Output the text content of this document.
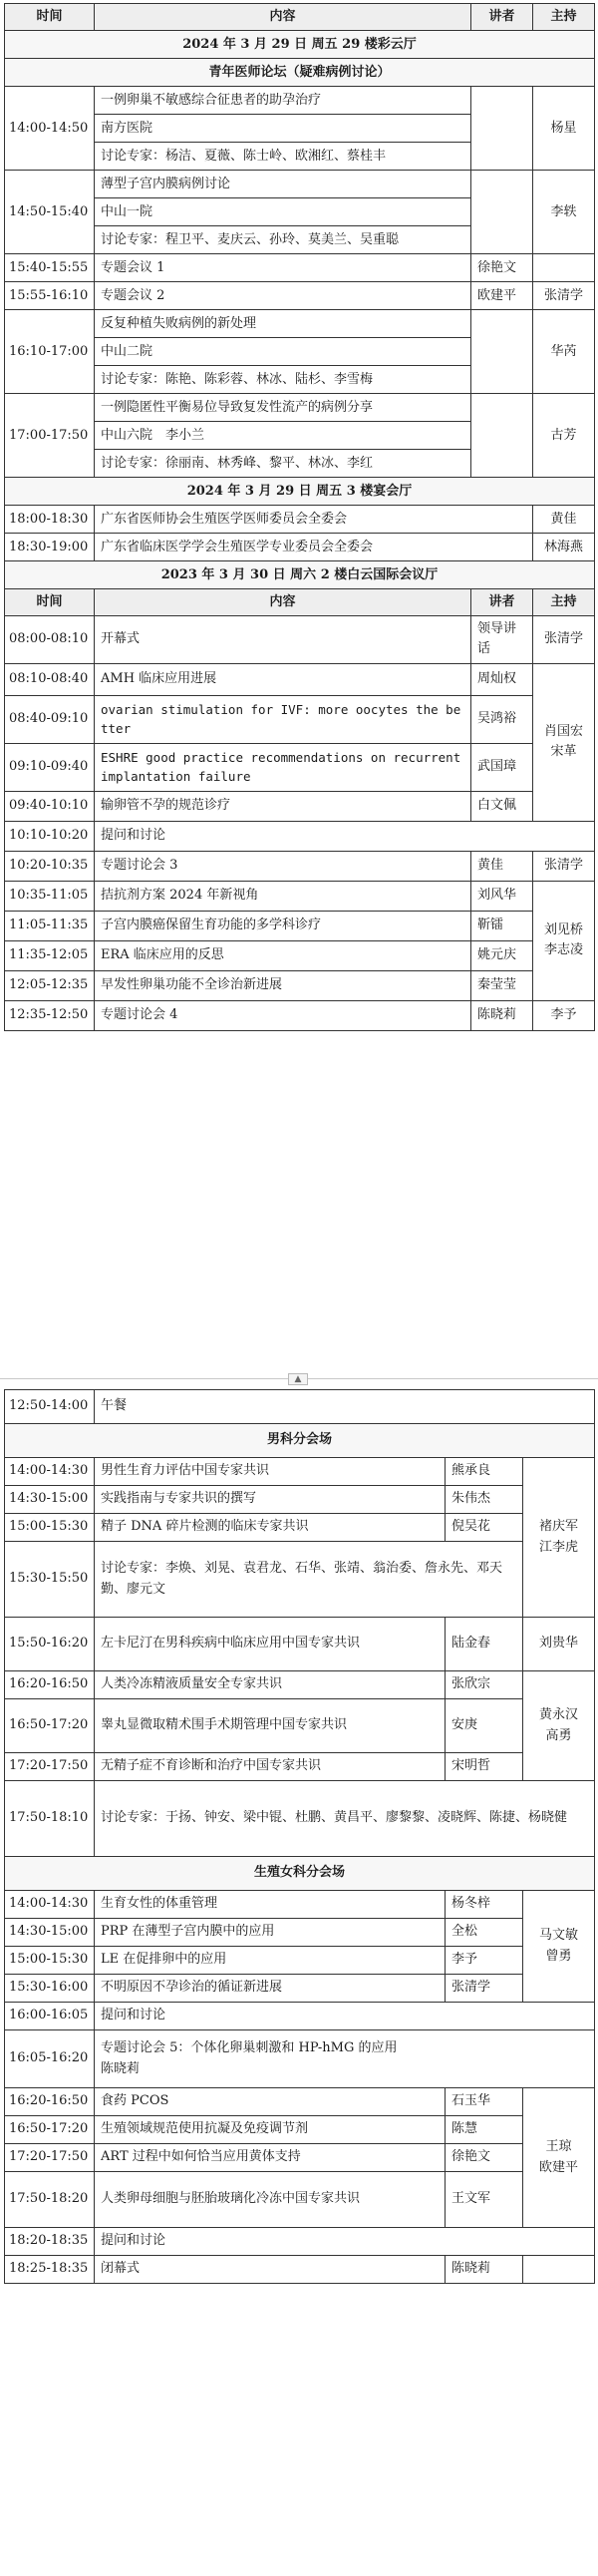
时间	内容	讲者	主持
2024 年 3 月 29 日 周五 29 楼彩云厅			
青年医师论坛（疑难病例讨论）			
14:00-14:50	一例卵巢不敏感综合征患者的助孕治疗		杨星
	南方医院		
	讨论专家：杨洁、夏薇、陈士岭、欧湘红、蔡桂丰		
14:50-15:40	薄型子宫内膜病例讨论		李轶
	中山一院		
	讨论专家：程卫平、麦庆云、孙玲、莫美兰、吴重聪		
15:40-15:55	专题会议 1	徐艳文	
15:55-16:10	专题会议 2	欧建平	张清学
16:10-17:00	反复种植失败病例的新处理		华芮
	中山二院		
	讨论专家：陈艳、陈彩蓉、林冰、陆杉、李雪梅		
17:00-17:50	一例隐匿性平衡易位导致复发性流产的病例分享		古芳
	中山六院　李小兰		
	讨论专家：徐丽南、林秀峰、黎平、林冰、李红		
2024 年 3 月 29 日 周五 3 楼宴会厅			
18:00-18:30	广东省医师协会生殖医学医师委员会全委会		黄佳
18:30-19:00	广东省临床医学学会生殖医学专业委员会全委会		林海燕
2023 年 3 月 30 日 周六 2 楼白云国际会议厅			
时间	内容	讲者	主持
08:00-08:10	开幕式	领导讲话	张清学
08:10-08:40	AMH 临床应用进展	周灿权	肖国宏
宋革
08:40-09:10	ovarian stimulation for IVF: more oocytes the better	吴鸿裕	
09:10-09:40	ESHRE good practice recommendations on recurrent implantation failure	武国璋	
09:40-10:10	输卵管不孕的规范诊疗	白文佩	
10:10-10:20	提问和讨论		
10:20-10:35	专题讨论会 3	黄佳	张清学
10:35-11:05	拮抗剂方案 2024 年新视角	刘风华	刘见桥
李志凌
11:05-11:35	子宫内膜癌保留生育功能的多学科诊疗	靳镭	
11:35-12:05	ERA 临床应用的反思	姚元庆	
12:05-12:35	早发性卵巢功能不全诊治新进展	秦莹莹	
12:35-12:50	专题讨论会 4	陈晓莉	李予
▲
12:50-14:00	午餐		
男科分会场			
14:00-14:30	男性生育力评估中国专家共识	熊承良	褚庆军
江李虎
14:30-15:00	实践指南与专家共识的撰写	朱伟杰	
15:00-15:30	精子 DNA 碎片检测的临床专家共识	倪吴花	
15:30-15:50	讨论专家：李焕、刘晃、袁君龙、石华、张靖、翁治委、詹永先、邓天勤、廖元文		
15:50-16:20	左卡尼汀在男科疾病中临床应用中国专家共识	陆金春	刘贵华
16:20-16:50	人类冷冻精液质量安全专家共识	张欣宗	黄永汉
高勇
16:50-17:20	睾丸显微取精术围手术期管理中国专家共识	安庚	
17:20-17:50	无精子症不育诊断和治疗中国专家共识	宋明哲	
17:50-18:10	讨论专家：于扬、钟安、梁中锟、杜鹏、黄昌平、廖黎黎、凌晓辉、陈捷、杨晓健		
生殖女科分会场			
14:00-14:30	生育女性的体重管理	杨冬梓	马文敏
曾勇
14:30-15:00	PRP 在薄型子宫内膜中的应用	全松	
15:00-15:30	LE 在促排卵中的应用	李予	
15:30-16:00	不明原因不孕诊治的循证新进展	张清学	
16:00-16:05	提问和讨论		
16:05-16:20	专题讨论会 5：个体化卵巢刺激和 HP-hMG 的应用
陈晓莉		
16:20-16:50	食药 PCOS	石玉华	王琼
欧建平
16:50-17:20	生殖领域规范使用抗凝及免疫调节剂	陈慧	
17:20-17:50	ART 过程中如何恰当应用黄体支持	徐艳文	
17:50-18:20	人类卵母细胞与胚胎玻璃化冷冻中国专家共识	王文军	
18:20-18:35	提问和讨论		
18:25-18:35	闭幕式	陈晓莉	
